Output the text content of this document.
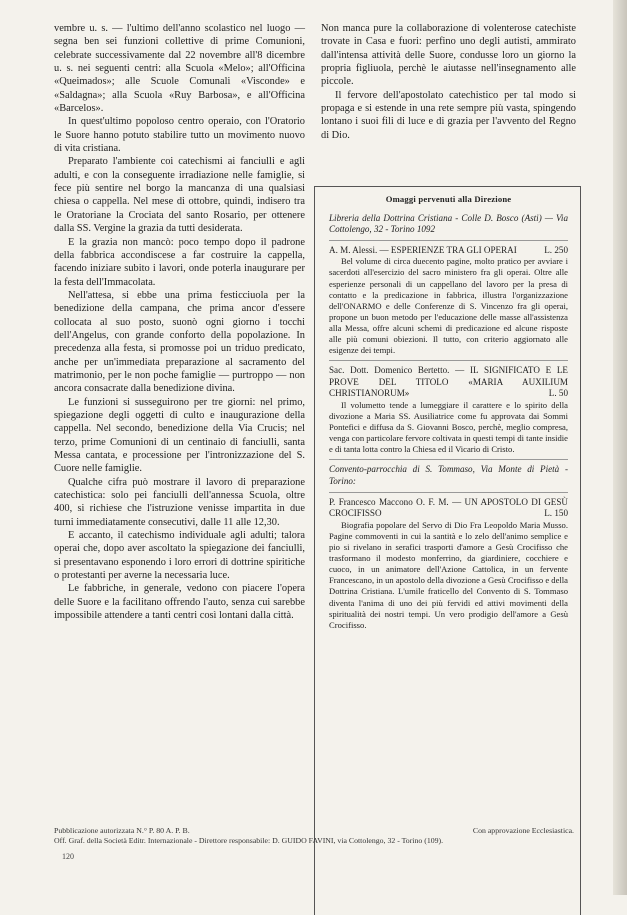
vembre u. s. — l'ultimo dell'anno scolastico nel luogo — segna ben sei funzioni collettive di prime Comunioni, celebrate successivamente dal 22 novembre all'8 dicembre u. s. nei seguenti centri: alla Scuola «Melo»; all'Officina «Queimados»; alle Scuole Comunali «Visconde» e «Saldagna»; alla Scuola «Ruy Barbosa», e all'Officina «Barcelos».

In quest'ultimo popoloso centro operaio, con l'Oratorio le Suore hanno potuto stabilire tutto un movimento nuovo di vita cristiana.

Preparato l'ambiente coi catechismi ai fanciulli e agli adulti, e con la conseguente irradiazione nelle famiglie, si fece più sentire nel borgo la mancanza di una qualsiasi chiesa o cappella. Nel mese di ottobre, quindi, indisero tra le Oratoriane la Crociata del santo Rosario, per ottenere dalla SS. Vergine la grazia da tutti desiderata.

E la grazia non mancò: poco tempo dopo il padrone della fabbrica accondiscese a far costruire la cappella, facendo iniziare subito i lavori, onde poterla inaugurare per la festa dell'Immacolata.

Nell'attesa, si ebbe una prima festicciuola per la benedizione della campana, che prima ancor d'essere collocata al suo posto, suonò ogni giorno i tocchi dell'Angelus, con grande conforto della popolazione. In precedenza alla festa, si promosse poi un triduo predicato, anche per un'immediata preparazione al sacramento del matrimonio, per le non poche famiglie — purtroppo — non ancora consacrate dalla benedizione divina.

Le funzioni si susseguirono per tre giorni: nel primo, spiegazione degli oggetti di culto e inaugurazione della cappella. Nel secondo, benedizione della Via Crucis; nel terzo, prime Comunioni di un centinaio di fanciulli, santa Messa cantata, e processione per l'intronizzazione del S. Cuore nelle famiglie.

Qualche cifra può mostrare il lavoro di preparazione catechistica: solo pei fanciulli dell'annessa Scuola, oltre 400, si richiese che l'istruzione venisse impartita in due turni immediatamente consecutivi, dalle 11 alle 12,30.

E accanto, il catechismo individuale agli adulti; talora operai che, dopo aver ascoltato la spiegazione dei fanciulli, si presentavano esponendo i loro errori di dottrine spiritiche o protestanti per averne la necessaria luce.

Le fabbriche, in generale, vedono con piacere l'opera delle Suore e la facilitano offrendo l'auto, senza cui sarebbe impossibile attendere a tanti centri così lontani dalla città.

Non manca pure la collaborazione di volenterose catechiste trovate in Casa e fuori: perfino uno degli autisti, ammirato dall'intensa attività delle Suore, condusse loro un giorno la propria figliuola, perchè le aiutasse nell'insegnamento alle piccole.

Il fervore dell'apostolato catechistico per tal modo si propaga e si estende in una rete sempre più vasta, spingendo lontano i suoi fili di luce e di grazia per l'avvento del Regno di Dio.

Omaggi pervenuti alla Direzione

Libreria della Dottrina Cristiana - Colle D. Bosco (Asti) — Via Cottolengo, 32 - Torino 1092

A. M. Alessi. — ESPERIENZE TRA GLI OPERAI	L. 250

Bel volume di circa duecento pagine, molto pratico per avviare i sacerdoti all'esercizio del sacro ministero fra gli operai. Oltre alle esperienze personali di un cappellano del lavoro per la presa di contatto e la predicazione in fabbrica, illustra l'organizzazione dell'ONARMO e delle Conferenze di S. Vincenzo fra gli operai, propone un buon metodo per l'educazione delle masse all'assistenza alla Messa, offre alcuni schemi di predicazione ed alcune risposte alle più comuni obiezioni. Il tutto, con criterio aggiornato alle esigenze dei tempi.

Sac. Dott. Domenico Bertetto. — IL SIGNIFICATO E LE PROVE DEL TITOLO «MARIA AUXILIUM CHRISTIANORUM»	L. 50

Il volumetto tende a lumeggiare il carattere e lo spirito della divozione a Maria SS. Ausiliatrice come fu approvata dai Sommi Pontefici e diffusa da S. Giovanni Bosco, perchè, meglio compresa, venga con particolare fervore coltivata in questi tempi di tante insidie e di tanta lotta contro la Chiesa ed il Vicario di Cristo.

Convento-parrocchia di S. Tommaso, Via Monte di Pietà - Torino:

P. Francesco Maccono O. F. M. — UN APOSTOLO DI GESÙ CROCIFISSO	L. 150

Biografia popolare del Servo di Dio Fra Leopoldo Maria Musso. Pagine commoventi in cui la santità e lo zelo dell'animo semplice e pio si rivelano in serafici trasporti d'amore a Gesù Crocifisso che trasformano il modesto monferrino, da giardiniere, cocchiere e cuoco, in un animatore dell'Azione Cattolica, in un fervente Francescano, in un apostolo della divozione a Gesù Crocifisso e della Dottrina Cristiana. L'umile fraticello del Convento di S. Tommaso diventa l'anima di uno dei più fervidi ed attivi movimenti della spiritualità dei nostri tempi. Un vero prodigio dell'amore a Gesù Crocifisso.

Pubblicazione autorizzata N.° P. 80 A. P. B.	Con approvazione Ecclesiastica.
Off. Graf. della Società Editr. Internazionale - Direttore responsabile: D. GUIDO FAVINI, via Cottolengo, 32 - Torino (109).
120
